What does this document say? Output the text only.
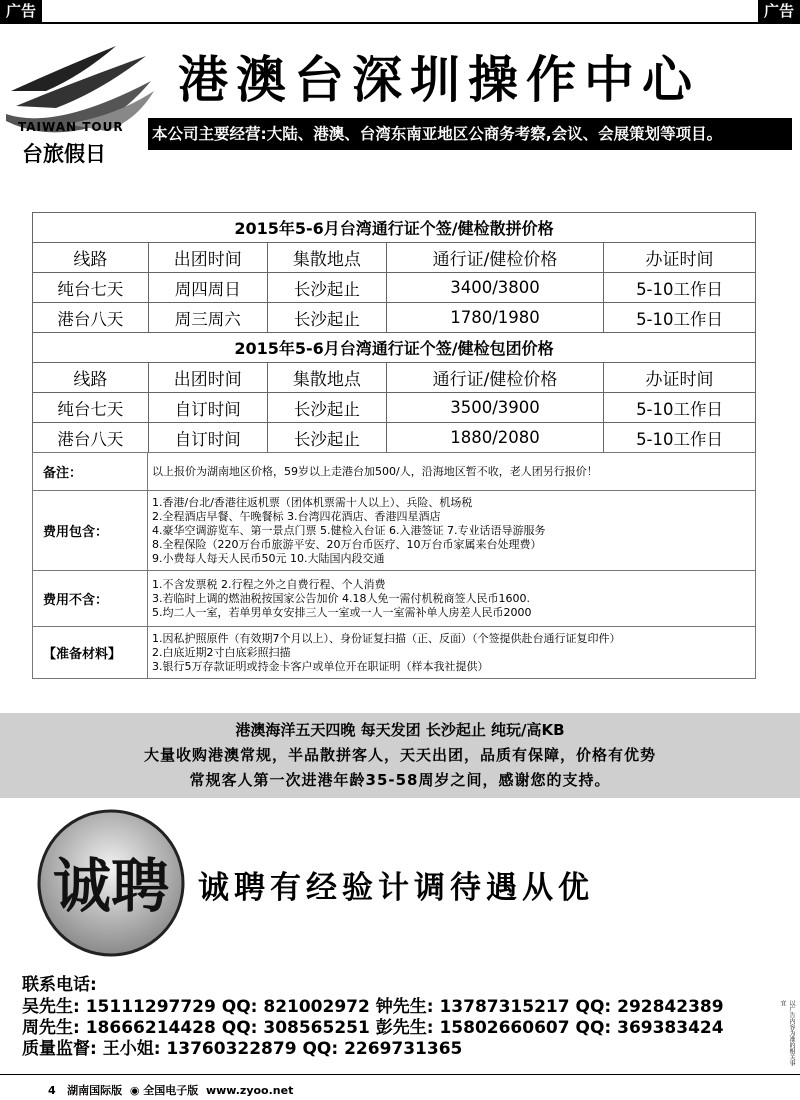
广告	广告
TAIWAN TOUR
台旅假日
港澳台深圳操作中心
本公司主要经营:大陆、港澳、台湾东南亚地区公商务考察,会议、会展策划等项目。
2015年5-6月台湾通行证个签/健检散拼价格				
线路	出团时间	集散地点	通行证/健检价格	办证时间
纯台七天	周四周日	长沙起止	3400/3800	5-10工作日
港台八天	周三周六	长沙起止	1780/1980	5-10工作日
2015年5-6月台湾通行证个签/健检包团价格				
线路	出团时间	集散地点	通行证/健检价格	办证时间
纯台七天	自订时间	长沙起止	3500/3900	5-10工作日
港台八天	自订时间	长沙起止	1880/2080	5-10工作日
备注：	以上报价为湖南地区价格，59岁以上走港台加500/人，沿海地区暂不收，老人团另行报价！

费用包含：	1.香港/台北/香港往返机票（团体机票需十人以上）、兵险、机场税
2.全程酒店早餐、午晚餐标 3.台湾四花酒店、香港四星酒店
4.豪华空调游览车、第一景点门票 5.健检入台证 6.入港签证 7.专业话语导游服务
8.全程保险（220万台币旅游平安、20万台币医疗、10万台币家属来台处理费）
9.小费每人每天人民币50元 10.大陆国内段交通

费用不含：	1.不含发票税 2.行程之外之自费行程、个人消费
3.若临时上调的燃油税按国家公告加价 4.18人免一需付机税商签人民币1600.
5.均二人一室，若单男单女安排三人一室或一人一室需补单人房差人民币2000

【准备材料】	1.因私护照原件（有效期7个月以上）、身份证复扫描（正、反面）（个签提供赴台通行证复印件）
2.白底近期2寸白底彩照扫描
3.银行5万存款证明或持金卡客户或单位开在职证明（样本我社提供）
港澳海洋五天四晚 每天发团 长沙起止 纯玩/高KB
大量收购港澳常规，半品散拼客人，天天出团，品质有保障，价格有优势
常规客人第一次进港年龄35-58周岁之间，感谢您的支持。
诚聘 诚聘有经验计调待遇从优
联系电话:
吴先生: 15111297729 QQ: 821002972 钟先生: 13787315217 QQ: 292842389
周先生: 18666214428 QQ: 308565251 彭先生: 15802660607 QQ: 369383424
质量监督: 王小姐: 13760322879 QQ: 2269731365	以广告内容为准的相关事宜
4 湖南国际版 ◉ 全国电子版 www.zyoo.net
